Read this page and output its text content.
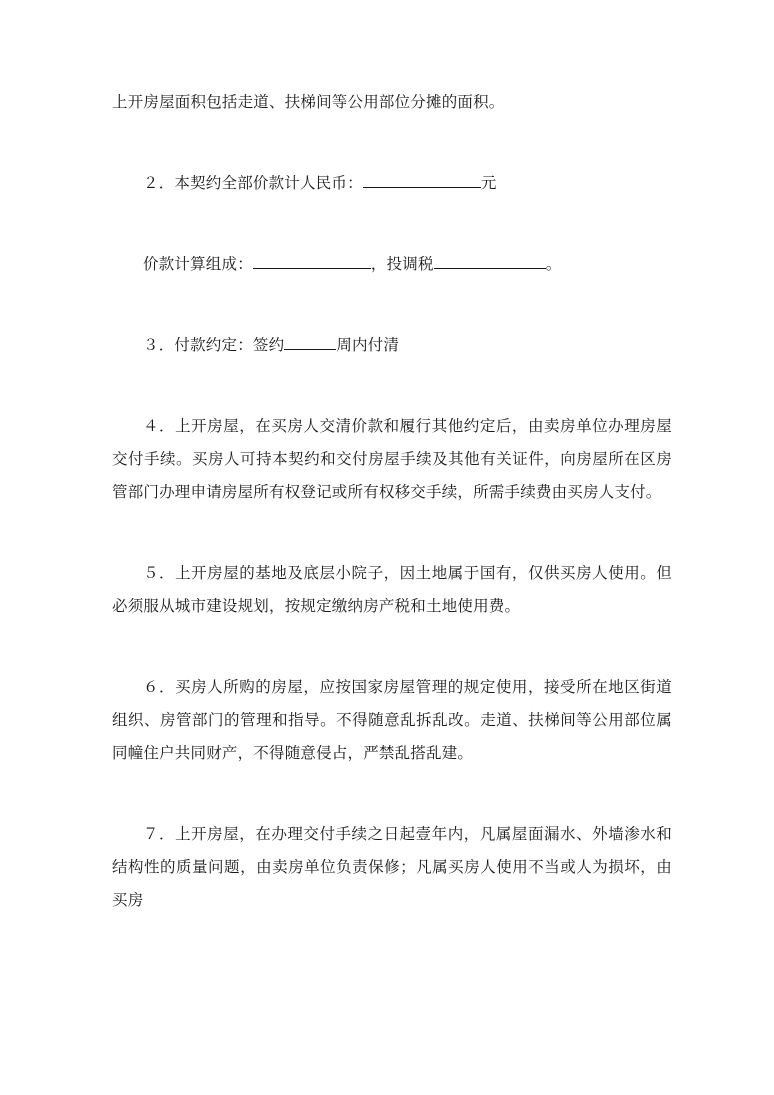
上开房屋面积包括走道、扶梯间等公用部位分摊的面积。

２．本契约全部价款计人民币：	元

价款计算组成：	，投调税	。

３．付款约定：签约	周内付清

４．上开房屋，在买房人交清价款和履行其他约定后，由卖房单位办理房屋交付手续。买房人可持本契约和交付房屋手续及其他有关证件，向房屋所在区房管部门办理申请房屋所有权登记或所有权移交手续，所需手续费由买房人支付。

５．上开房屋的基地及底层小院子，因土地属于国有，仅供买房人使用。但必须服从城市建设规划，按规定缴纳房产税和土地使用费。

６．买房人所购的房屋，应按国家房屋管理的规定使用，接受所在地区街道组织、房管部门的管理和指导。不得随意乱拆乱改。走道、扶梯间等公用部位属同幢住户共同财产，不得随意侵占，严禁乱搭乱建。

７．上开房屋，在办理交付手续之日起壹年内，凡属屋面漏水、外墙渗水和结构性的质量问题，由卖房单位负责保修；凡属买房人使用不当或人为损坏，由买房
